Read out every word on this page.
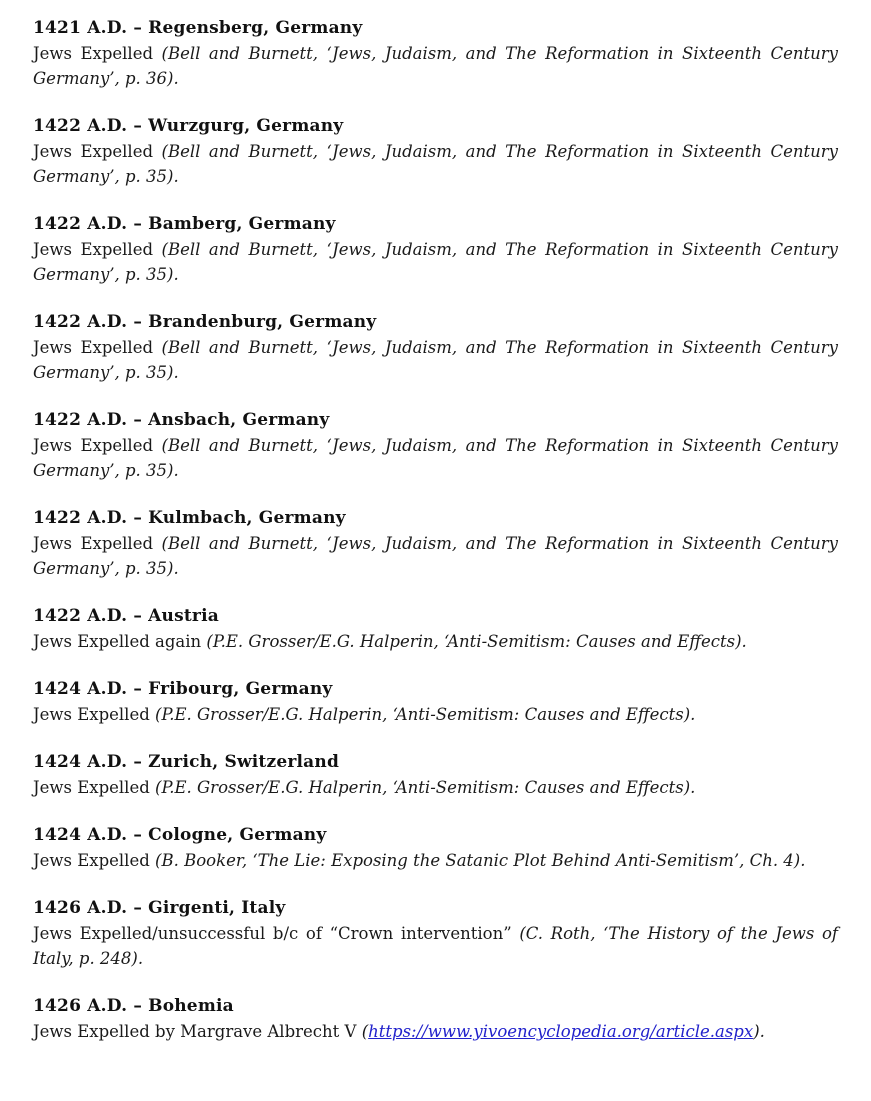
1421 A.D. – Regensberg, Germany

Jews Expelled (Bell and Burnett, ‘Jews, Judaism, and The Reformation in Sixteenth Century Germany’, p. 36).

1422 A.D. – Wurzgurg, Germany

Jews Expelled (Bell and Burnett, ‘Jews, Judaism, and The Reformation in Sixteenth Century Germany’, p. 35).

1422 A.D. – Bamberg, Germany

Jews Expelled (Bell and Burnett, ‘Jews, Judaism, and The Reformation in Sixteenth Century Germany’, p. 35).

1422 A.D. – Brandenburg, Germany

Jews Expelled (Bell and Burnett, ‘Jews, Judaism, and The Reformation in Sixteenth Century Germany’, p. 35).

1422 A.D. – Ansbach, Germany

Jews Expelled (Bell and Burnett, ‘Jews, Judaism, and The Reformation in Sixteenth Century Germany’, p. 35).

1422 A.D. – Kulmbach, Germany

Jews Expelled (Bell and Burnett, ‘Jews, Judaism, and The Reformation in Sixteenth Century Germany’, p. 35).

1422 A.D. – Austria

Jews Expelled again (P.E. Grosser/E.G. Halperin, ‘Anti-Semitism: Causes and Effects).

1424 A.D. – Fribourg, Germany

Jews Expelled (P.E. Grosser/E.G. Halperin, ‘Anti-Semitism: Causes and Effects).

1424 A.D. – Zurich, Switzerland

Jews Expelled (P.E. Grosser/E.G. Halperin, ‘Anti-Semitism: Causes and Effects).

1424 A.D. – Cologne, Germany

Jews Expelled (B. Booker, ‘The Lie: Exposing the Satanic Plot Behind Anti-Semitism’, Ch. 4).

1426 A.D. – Girgenti, Italy

Jews Expelled/unsuccessful b/c of “Crown intervention” (C. Roth, ‘The History of the Jews of Italy, p. 248).

1426 A.D. – Bohemia

Jews Expelled by Margrave Albrecht V (https://www.yivoencyclopedia.org/article.aspx).
